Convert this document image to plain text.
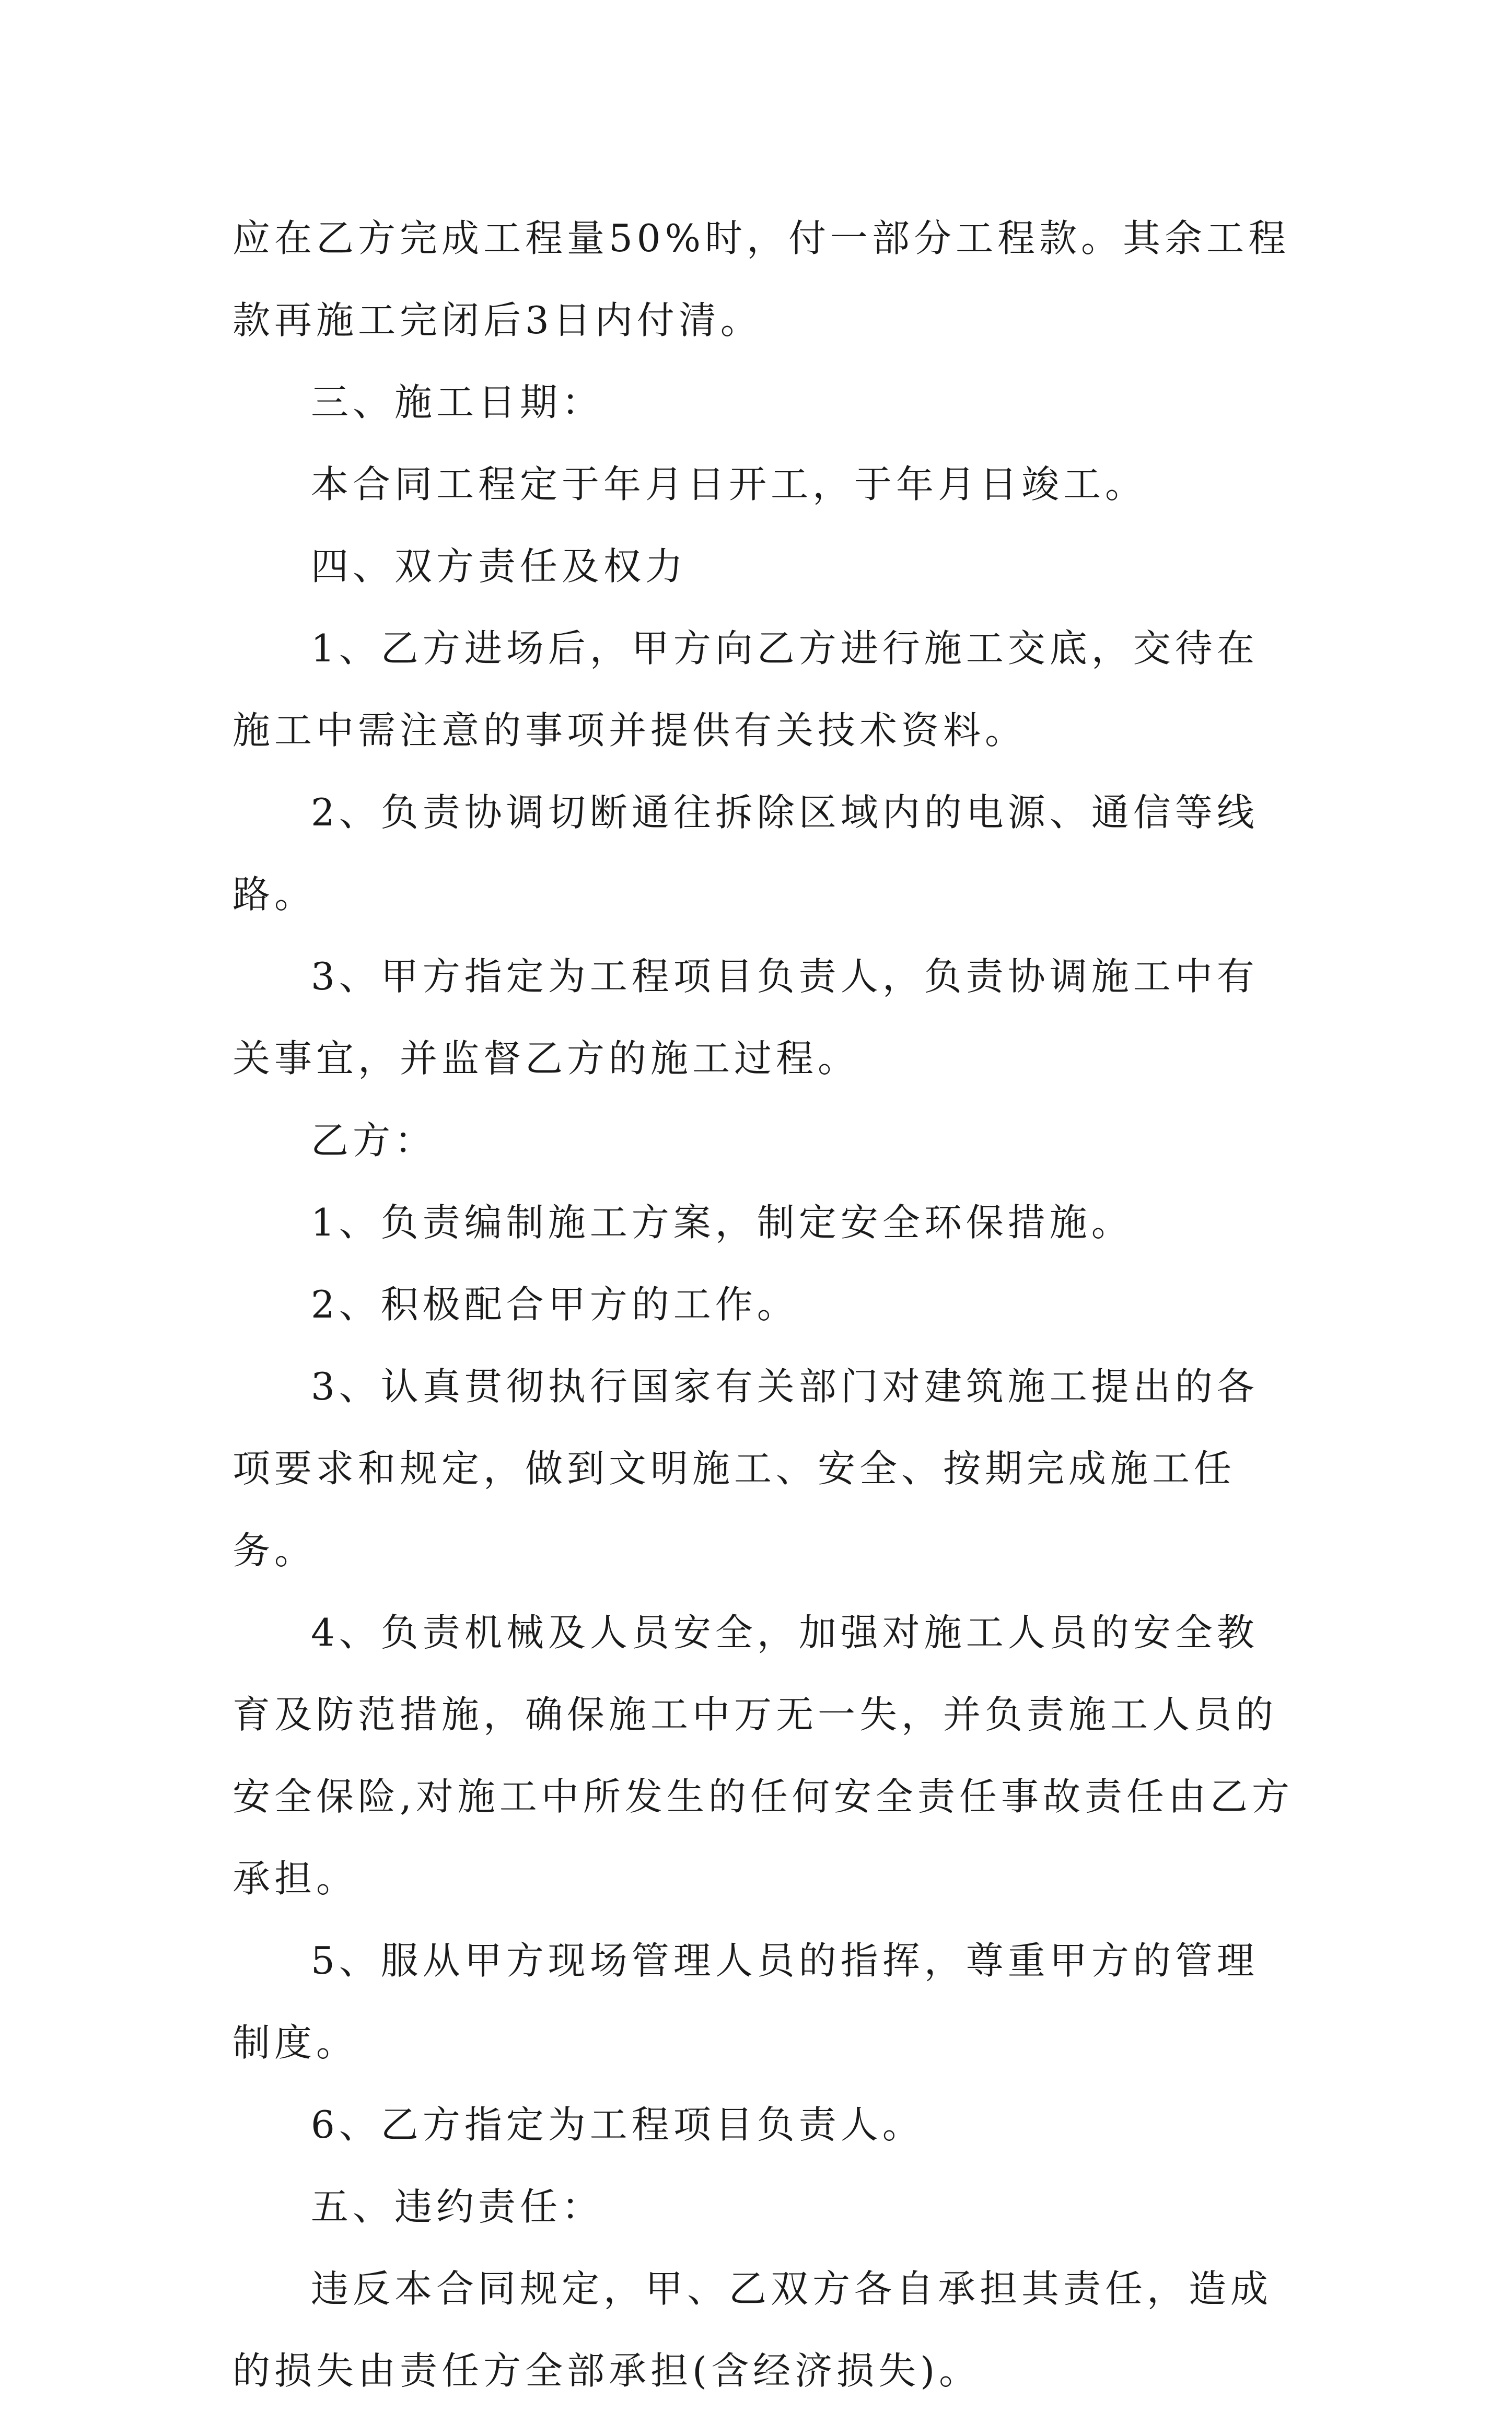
应在乙方完成工程量50%时，付一部分工程款。其余工程款再施工完闭后3日内付清。

三、施工日期：

本合同工程定于年月日开工，于年月日竣工。

四、双方责任及权力

1、乙方进场后，甲方向乙方进行施工交底，交待在施工中需注意的事项并提供有关技术资料。

2、负责协调切断通往拆除区域内的电源、通信等线路。

3、甲方指定为工程项目负责人，负责协调施工中有关事宜，并监督乙方的施工过程。

乙方：

1、负责编制施工方案，制定安全环保措施。

2、积极配合甲方的工作。

3、认真贯彻执行国家有关部门对建筑施工提出的各项要求和规定，做到文明施工、安全、按期完成施工任务。

4、负责机械及人员安全，加强对施工人员的安全教育及防范措施，确保施工中万无一失，并负责施工人员的安全保险,对施工中所发生的任何安全责任事故责任由乙方承担。

5、服从甲方现场管理人员的指挥，尊重甲方的管理制度。

6、乙方指定为工程项目负责人。

五、违约责任：

违反本合同规定，甲、乙双方各自承担其责任，造成的损失由责任方全部承担(含经济损失)。
